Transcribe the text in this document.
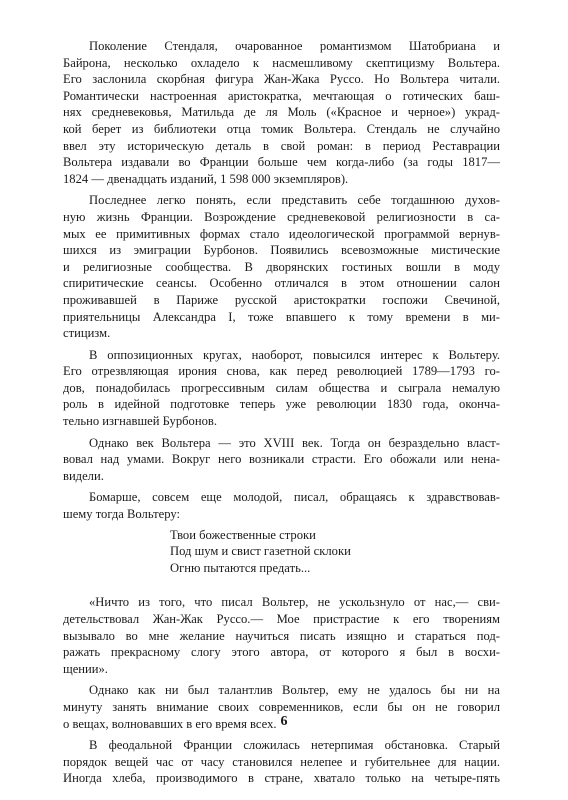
Поколение Стендаля, очарованное романтизмом Шатобриана и
Байрона, несколько охладело к насмешливому скептицизму Вольтера.
Его заслонила скорбная фигура Жан-Жака Руссо. Но Вольтера читали.
Романтически настроенная аристократка, мечтающая о готических баш-
нях средневековья, Матильда де ля Моль («Красное и черное») украд-
кой берет из библиотеки отца томик Вольтера. Стендаль не случайно
ввел эту историческую деталь в свой роман: в период Реставрации
Вольтера издавали во Франции больше чем когда-либо (за годы 1817—
1824 — двенадцать изданий, 1 598 000 экземпляров).

Последнее легко понять, если представить себе тогдашнюю духов-
ную жизнь Франции. Возрождение средневековой религиозности в са-
мых ее примитивных формах стало идеологической программой вернув-
шихся из эмиграции Бурбонов. Появились всевозможные мистические
и религиозные сообщества. В дворянских гостиных вошли в моду
спиритические сеансы. Особенно отличался в этом отношении салон
проживавшей в Париже русской аристократки госпожи Свечиной,
приятельницы Александра I, тоже впавшего к тому времени в ми-
стицизм.

В оппозиционных кругах, наоборот, повысился интерес к Вольтеру.
Его отрезвляющая ирония снова, как перед революцией 1789—1793 го-
дов, понадобилась прогрессивным силам общества и сыграла немалую
роль в идейной подготовке теперь уже революции 1830 года, оконча-
тельно изгнавшей Бурбонов.

Однако век Вольтера — это XVIII век. Тогда он безраздельно власт-
вовал над умами. Вокруг него возникали страсти. Его обожали или нена-
видели.

Бомарше, совсем еще молодой, писал, обращаясь к здравствовав-
шему тогда Вольтеру:

Твои божественные строки
Под шум и свист газетной склоки
Огню пытаются предать...

«Ничто из того, что писал Вольтер, не ускользнуло от нас,— сви-
детельствовал Жан-Жак Руссо.— Мое пристрастие к его творениям
вызывало во мне желание научиться писать изящно и стараться под-
ражать прекрасному слогу этого автора, от которого я был в восхи-
щении».

Однако как ни был талантлив Вольтер, ему не удалось бы ни на
минуту занять внимание своих современников, если бы он не говорил
о вещах, волновавших в его время всех.

В феодальной Франции сложилась нетерпимая обстановка. Старый
порядок вещей час от часу становился нелепее и губительнее для нации.
Иногда хлеба, производимого в стране, хватало только на четыре-пять

6
